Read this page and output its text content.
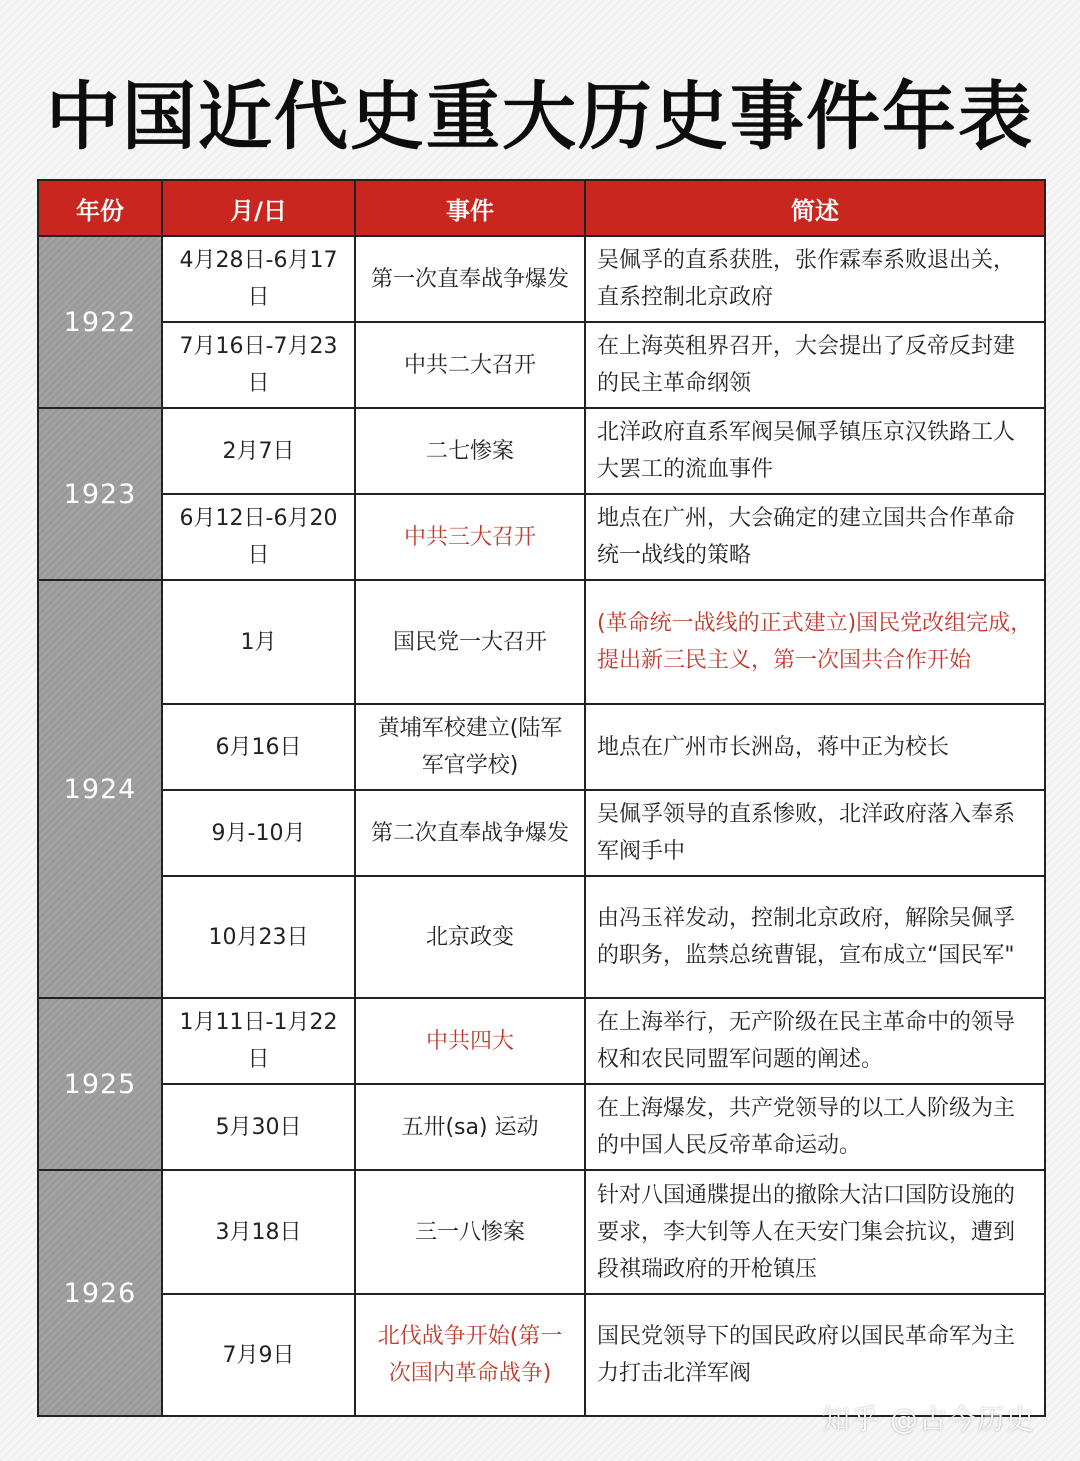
中国近代史重大历史事件年表
年份	月/日	事件	简述
1922	4月28日-6月17日	第一次直奉战争爆发	吴佩孚的直系获胜，张作霖奉系败退出关，直系控制北京政府
	7月16日-7月23日	中共二大召开	在上海英租界召开，大会提出了反帝反封建的民主革命纲领
1923	2月7日	二七惨案	北洋政府直系军阀吴佩孚镇压京汉铁路工人大罢工的流血事件
	6月12日-6月20日	中共三大召开	地点在广州，大会确定的建立国共合作革命统一战线的策略
1924	1月	国民党一大召开	(革命统一战线的正式建立)国民党改组完成，提出新三民主义，第一次国共合作开始
	6月16日	黄埔军校建立(陆军军官学校)	地点在广州市长洲岛，蒋中正为校长
	9月-10月	第二次直奉战争爆发	吴佩孚领导的直系惨败，北洋政府落入奉系军阀手中
	10月23日	北京政变	由冯玉祥发动，控制北京政府，解除吴佩孚的职务，监禁总统曹锟，宣布成立“国民军"
1925	1月11日-1月22日	中共四大	在上海举行，无产阶级在民主革命中的领导权和农民同盟军问题的阐述。
	5月30日	五卅(sa) 运动	在上海爆发，共产党领导的以工人阶级为主的中国人民反帝革命运动。
1926	3月18日	三一八惨案	针对八国通牒提出的撤除大沽口国防设施的要求，李大钊等人在天安门集会抗议，遭到段祺瑞政府的开枪镇压
	7月9日	北伐战争开始(第一次国内革命战争)	国民党领导下的国民政府以国民革命军为主力打击北洋军阀
知乎 @古今历史
